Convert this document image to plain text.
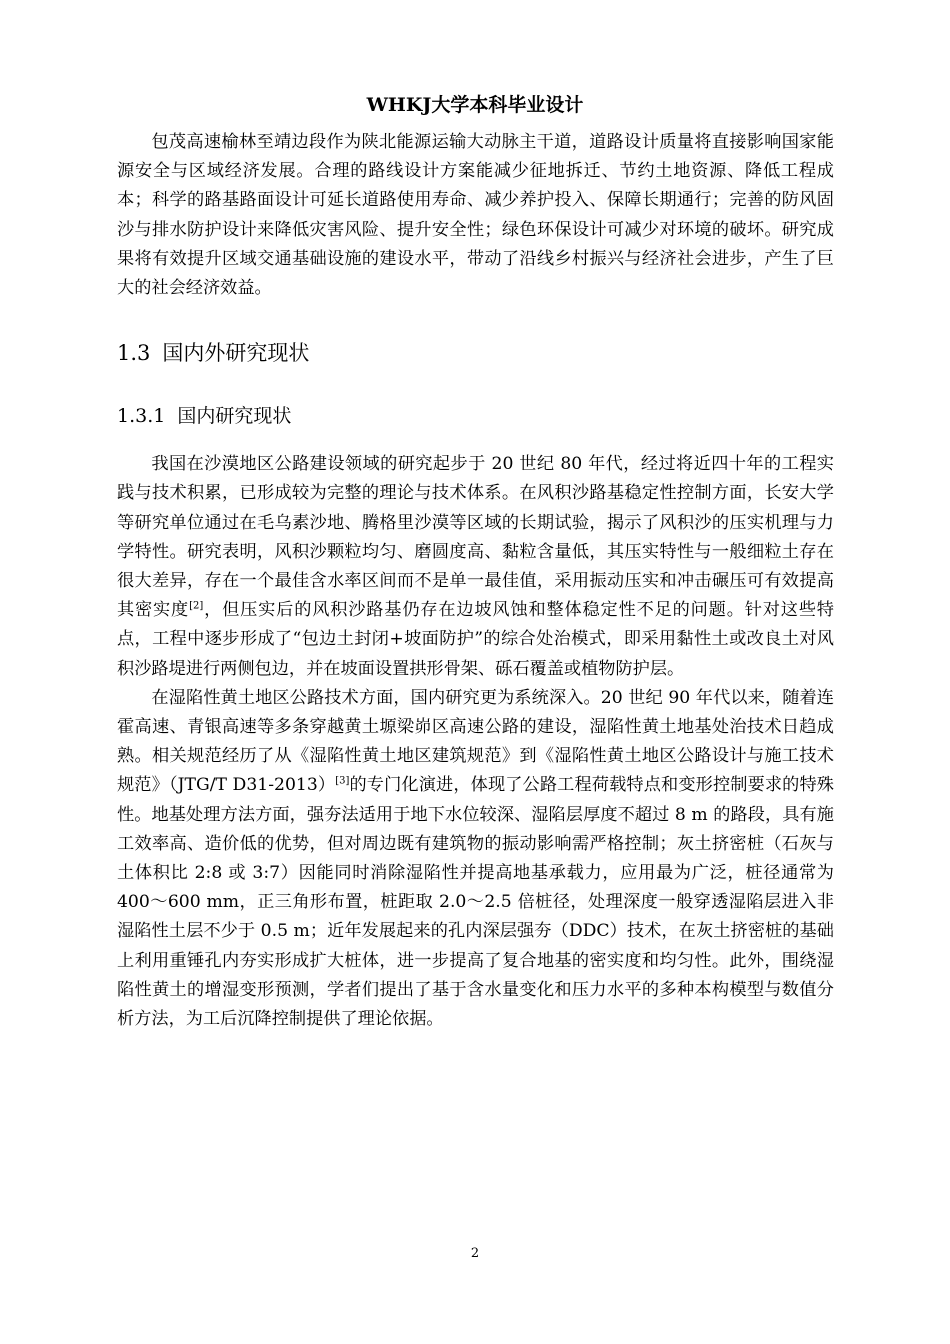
WHKJ大学本科毕业设计

包茂高速榆林至靖边段作为陕北能源运输大动脉主干道，道路设计质量将直接影响国家能源安全与区域经济发展。合理的路线设计方案能减少征地拆迁、节约土地资源、降低工程成本；科学的路基路面设计可延长道路使用寿命、减少养护投入、保障长期通行；完善的防风固沙与排水防护设计来降低灾害风险、提升安全性；绿色环保设计可减少对环境的破坏。研究成果将有效提升区域交通基础设施的建设水平，带动了沿线乡村振兴与经济社会进步，产生了巨大的社会经济效益。

1.3 国内外研究现状
1.3.1 国内研究现状

我国在沙漠地区公路建设领域的研究起步于 20 世纪 80 年代，经过将近四十年的工程实践与技术积累，已形成较为完整的理论与技术体系。在风积沙路基稳定性控制方面，长安大学等研究单位通过在毛乌素沙地、腾格里沙漠等区域的长期试验，揭示了风积沙的压实机理与力学特性。研究表明，风积沙颗粒均匀、磨圆度高、黏粒含量低，其压实特性与一般细粒土存在很大差异，存在一个最佳含水率区间而不是单一最佳值，采用振动压实和冲击碾压可有效提高其密实度[2]，但压实后的风积沙路基仍存在边坡风蚀和整体稳定性不足的问题。针对这些特点，工程中逐步形成了“包边土封闭+坡面防护”的综合处治模式，即采用黏性土或改良土对风积沙路堤进行两侧包边，并在坡面设置拱形骨架、砾石覆盖或植物防护层。

在湿陷性黄土地区公路技术方面，国内研究更为系统深入。20 世纪 90 年代以来，随着连霍高速、青银高速等多条穿越黄土塬梁峁区高速公路的建设，湿陷性黄土地基处治技术日趋成熟。相关规范经历了从《湿陷性黄土地区建筑规范》到《湿陷性黄土地区公路设计与施工技术规范》（JTG/T D31-2013）[3]的专门化演进，体现了公路工程荷载特点和变形控制要求的特殊性。地基处理方法方面，强夯法适用于地下水位较深、湿陷层厚度不超过 8 m 的路段，具有施工效率高、造价低的优势，但对周边既有建筑物的振动影响需严格控制；灰土挤密桩（石灰与土体积比 2:8 或 3:7）因能同时消除湿陷性并提高地基承载力，应用最为广泛，桩径通常为 400～600 mm，正三角形布置，桩距取 2.0～2.5 倍桩径，处理深度一般穿透湿陷层进入非湿陷性土层不少于 0.5 m；近年发展起来的孔内深层强夯（DDC）技术，在灰土挤密桩的基础上利用重锤孔内夯实形成扩大桩体，进一步提高了复合地基的密实度和均匀性。此外，围绕湿陷性黄土的增湿变形预测，学者们提出了基于含水量变化和压力水平的多种本构模型与数值分析方法，为工后沉降控制提供了理论依据。

2
